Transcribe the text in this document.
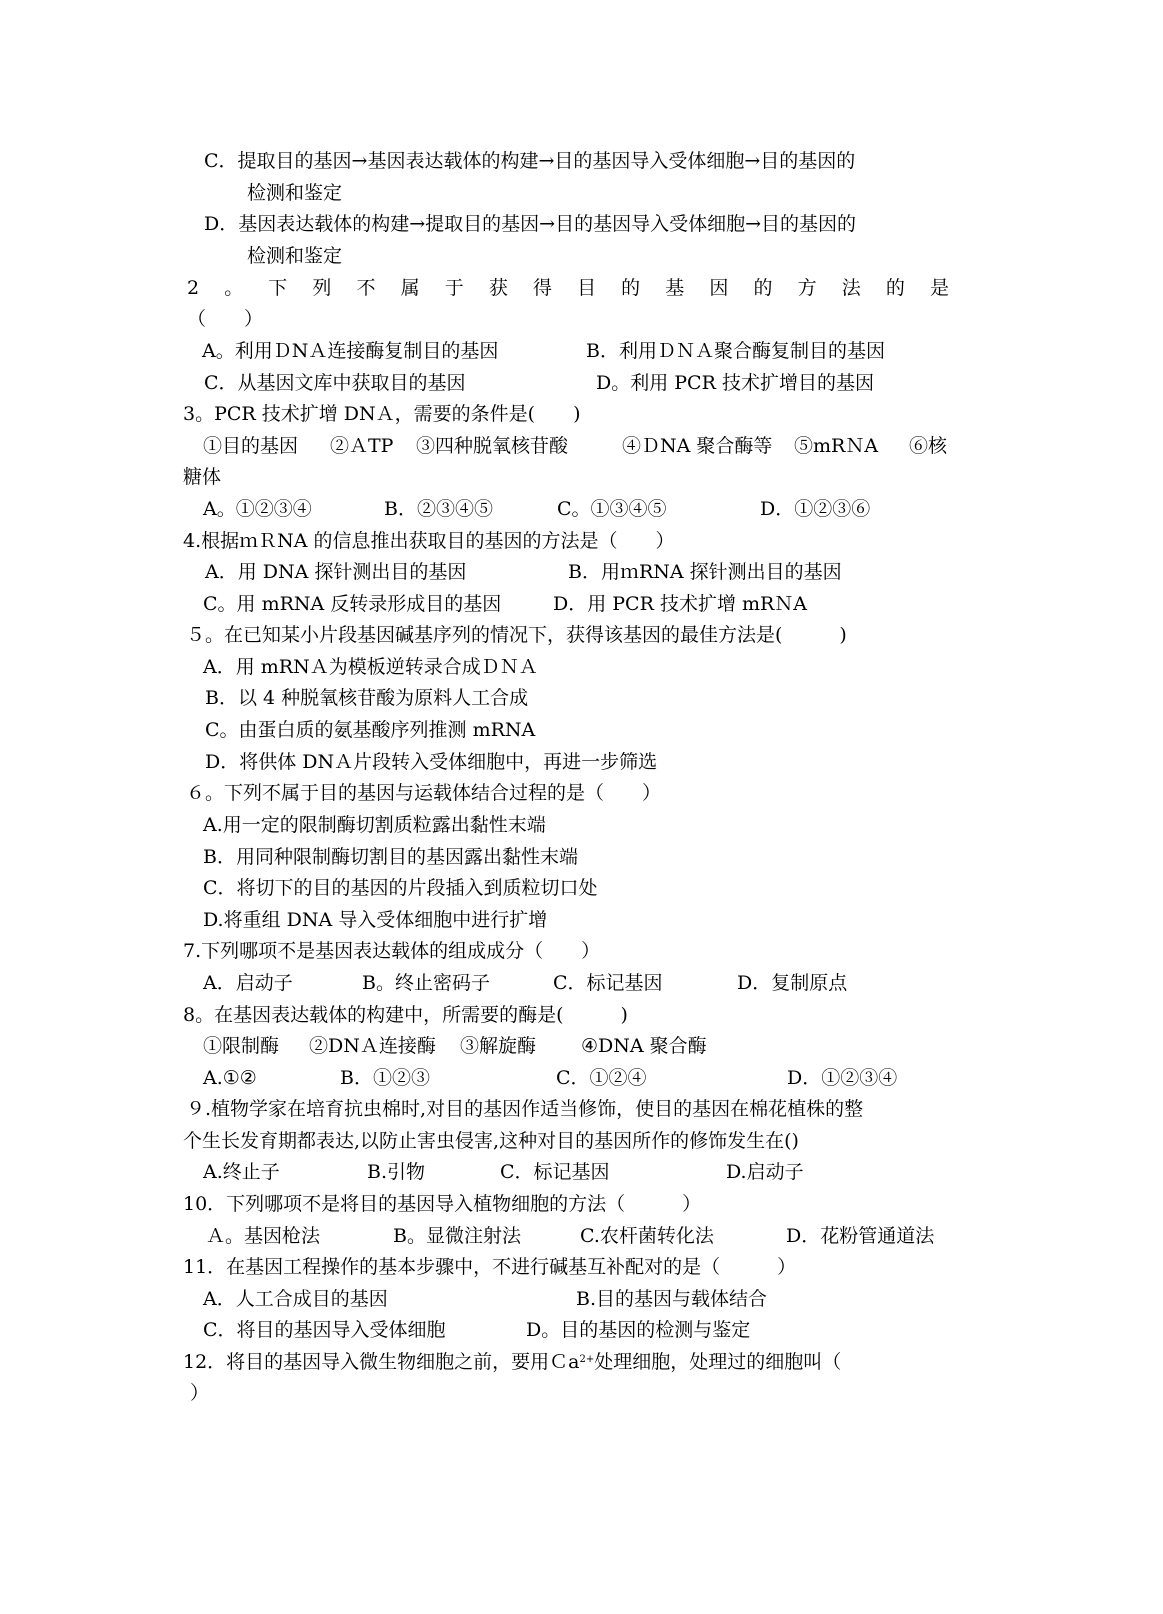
C．提取目的基因→基因表达载体的构建→目的基因导入受体细胞→目的基因的
检测和鉴定
D．基因表达载体的构建→提取目的基因→目的基因导入受体细胞→目的基因的
检测和鉴定
2 。 下 列 不 属 于 获 得 目 的 基 因 的 方 法 的 是
（　　）
A。利用ＤNＡ连接酶复制目的基因	B．利用ＤＮＡ聚合酶复制目的基因
C．从基因文库中获取目的基因	D。利用 PCR 技术扩增目的基因
3。PCR 技术扩增 DNＡ，需要的条件是(　　)
①目的基因 ②ＡTP ③四种脱氧核苷酸	④ＤNA 聚合酶等 ⑤mRＮA ⑥核
糖体
A。①②③④	B．②③④⑤	C。①③④⑤	D．①②③⑥
4.根据ｍＲNA 的信息推出获取目的基因的方法是（　　）
A．用 DNA 探针测出目的基因	B．用ｍRNA 探针测出目的基因
C。用 mRNA 反转录形成目的基因	D．用 PCR 技术扩增 mRＮA
５。在已知某小片段基因碱基序列的情况下，获得该基因的最佳方法是(　　　)
A．用 mRNＡ为模板逆转录合成ＤＮＡ
B．以 4 种脱氧核苷酸为原料人工合成
C。由蛋白质的氨基酸序列推测 mRNA
D．将供体 DNＡ片段转入受体细胞中，再进一步筛选
６。下列不属于目的基因与运载体结合过程的是（　　）
A.用一定的限制酶切割质粒露出黏性末端
B．用同种限制酶切割目的基因露出黏性末端
C．将切下的目的基因的片段插入到质粒切口处
D.将重组 DNA 导入受体细胞中进行扩增
7.下列哪项不是基因表达载体的组成成分（　　）
A．启动子	B。终止密码子	C．标记基因	D．复制原点
8。在基因表达载体的构建中，所需要的酶是(　　　)
①限制酶 ②DNＡ连接酶 ③解旋酶 ④DNA 聚合酶
A.①②	B．①②③	C．①②④	D．①②③④
９.植物学家在培育抗虫棉时,对目的基因作适当修饰，使目的基因在棉花植株的整
个生长发育期都表达,以防止害虫侵害,这种对目的基因所作的修饰发生在()
A.终止子	B.引物	C．标记基因	D.启动子
10．下列哪项不是将目的基因导入植物细胞的方法（　　　）
Ａ。基因枪法	B。显微注射法	C.农杆菌转化法	D．花粉管通道法
11．在基因工程操作的基本步骤中，不进行碱基互补配对的是（　　　）
A．人工合成目的基因	B.目的基因与载体结合
C．将目的基因导入受体细胞	D。目的基因的检测与鉴定
12．将目的基因导入微生物细胞之前，要用Ｃa$^{2+}$处理细胞，处理过的细胞叫（
）
